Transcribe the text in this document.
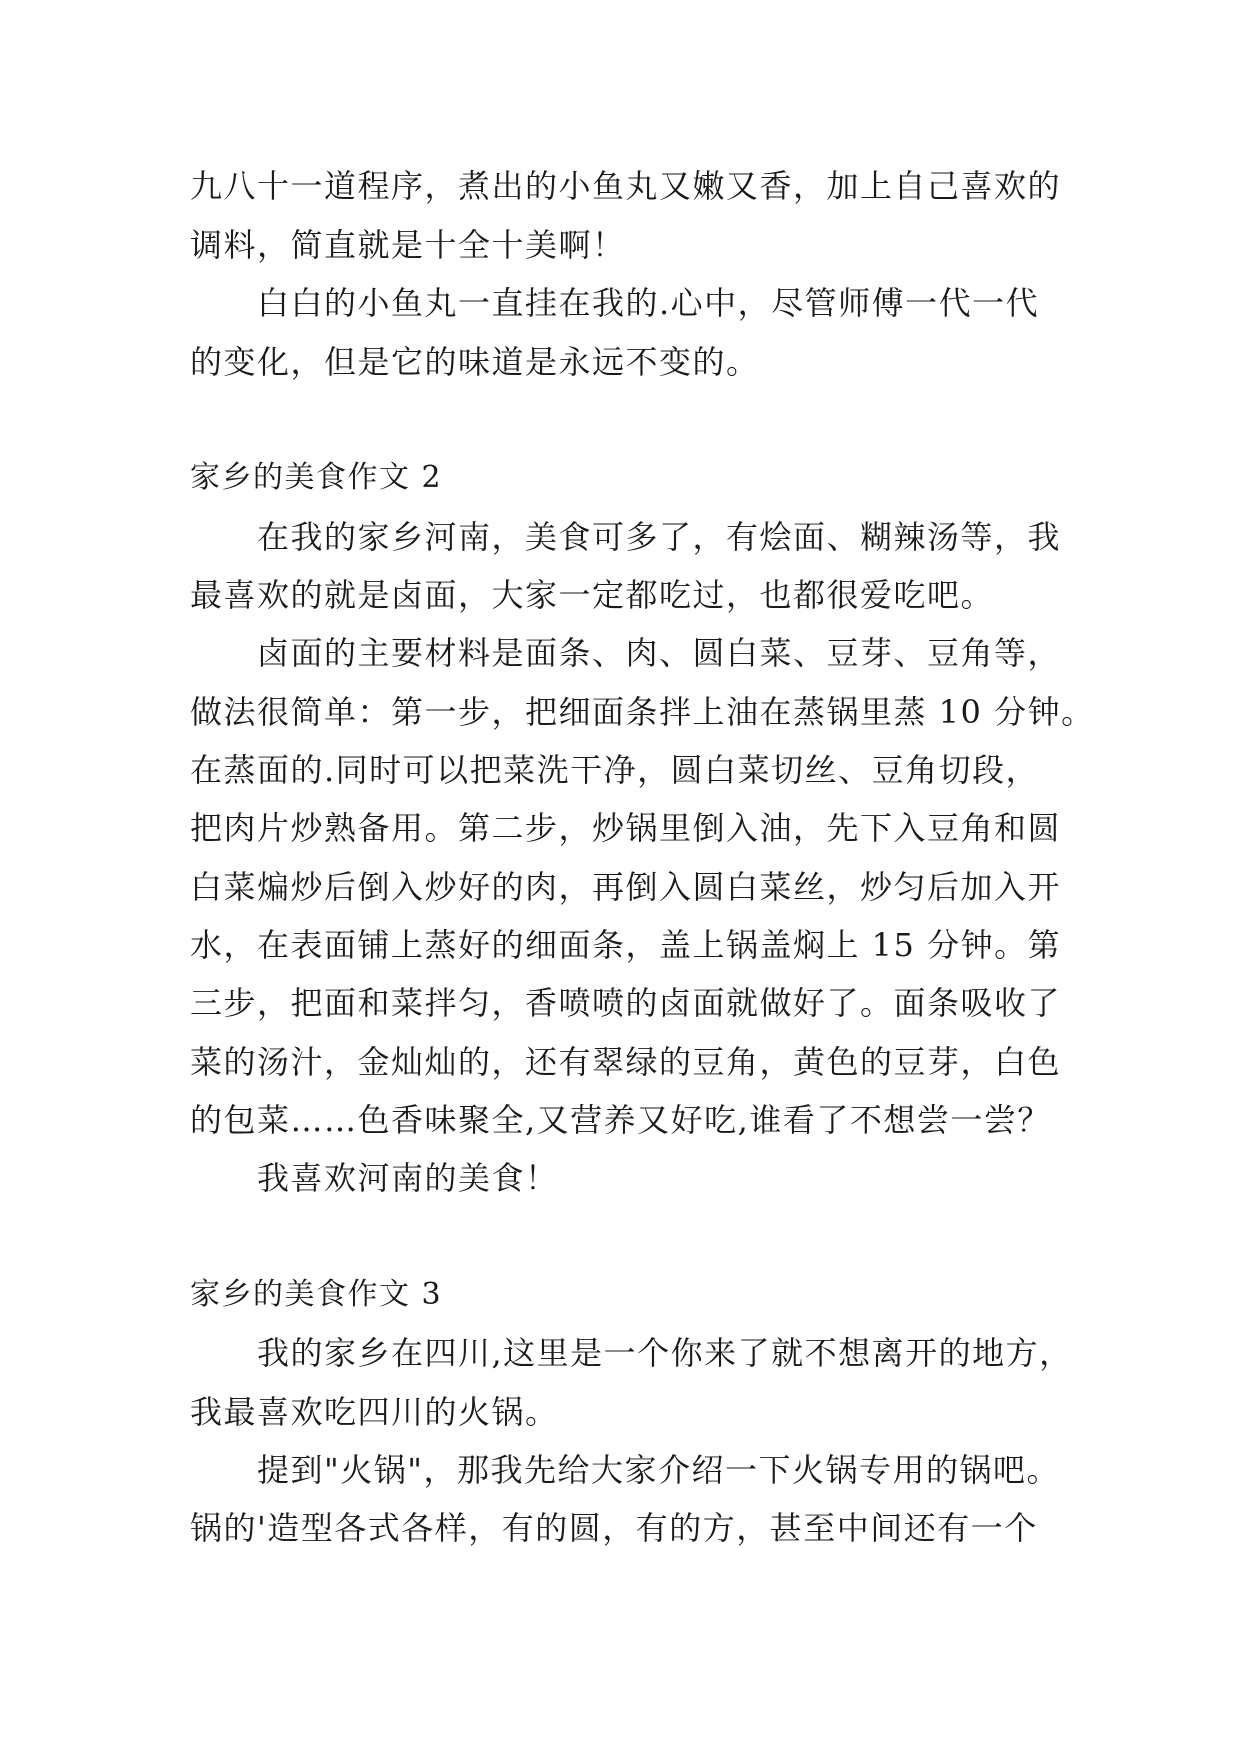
九八十一道程序，煮出的小鱼丸又嫩又香，加上自己喜欢的
调料，简直就是十全十美啊！
白白的小鱼丸一直挂在我的.心中，尽管师傅一代一代
的变化，但是它的味道是永远不变的。
家乡的美食作文 2
在我的家乡河南，美食可多了，有烩面、糊辣汤等，我
最喜欢的就是卤面，大家一定都吃过，也都很爱吃吧。
卤面的主要材料是面条、肉、圆白菜、豆芽、豆角等，
做法很简单：第一步，把细面条拌上油在蒸锅里蒸 10 分钟。
在蒸面的.同时可以把菜洗干净，圆白菜切丝、豆角切段，
把肉片炒熟备用。第二步，炒锅里倒入油，先下入豆角和圆
白菜煸炒后倒入炒好的肉，再倒入圆白菜丝，炒匀后加入开
水，在表面铺上蒸好的细面条，盖上锅盖焖上 15 分钟。第
三步，把面和菜拌匀，香喷喷的卤面就做好了。面条吸收了
菜的汤汁，金灿灿的，还有翠绿的豆角，黄色的豆芽，白色
的包菜……色香味聚全,又营养又好吃,谁看了不想尝一尝？
我喜欢河南的美食！
家乡的美食作文 3
我的家乡在四川,这里是一个你来了就不想离开的地方，
我最喜欢吃四川的火锅。
提到"火锅"，那我先给大家介绍一下火锅专用的锅吧。
锅的'造型各式各样，有的圆，有的方，甚至中间还有一个
